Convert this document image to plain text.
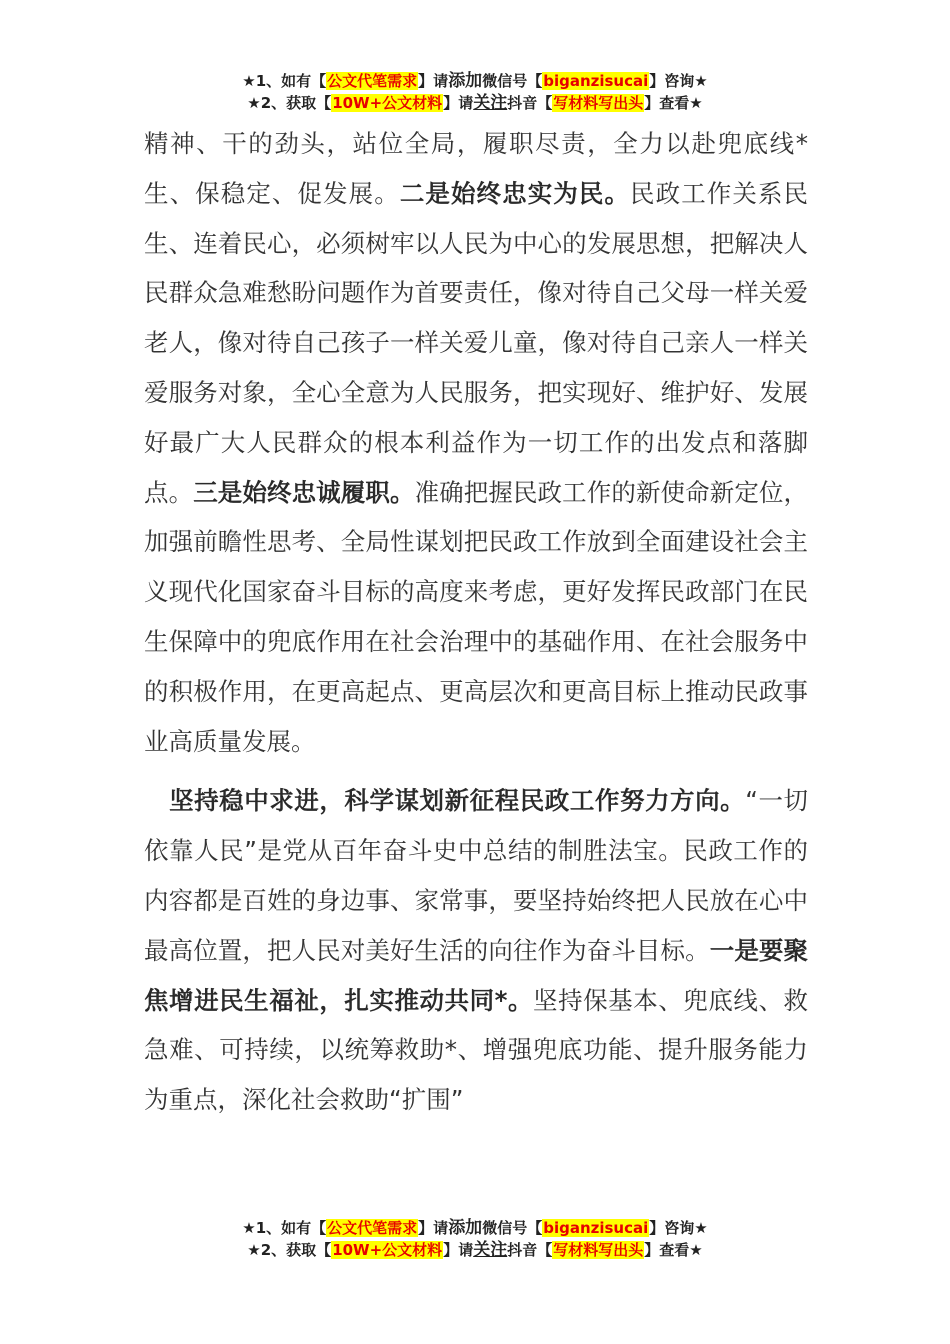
★1、如有【公文代笔需求】请添加微信号【biganzisucai】咨询★
★2、获取【10W+公文材料】请关注抖音【写材料写出头】查看★

精神、干的劲头，站位全局，履职尽责，全力以赴兜底线*生、保稳定、促发展。二是始终忠实为民。民政工作关系民生、连着民心，必须树牢以人民为中心的发展思想，把解决人民群众急难愁盼问题作为首要责任，像对待自己父母一样关爱老人，像对待自己孩子一样关爱儿童，像对待自己亲人一样关爱服务对象，全心全意为人民服务，把实现好、维护好、发展好最广大人民群众的根本利益作为一切工作的出发点和落脚点。三是始终忠诚履职。准确把握民政工作的新使命新定位，加强前瞻性思考、全局性谋划把民政工作放到全面建设社会主义现代化国家奋斗目标的高度来考虑，更好发挥民政部门在民生保障中的兜底作用在社会治理中的基础作用、在社会服务中的积极作用，在更高起点、更高层次和更高目标上推动民政事业高质量发展。

　坚持稳中求进，科学谋划新征程民政工作努力方向。“一切依靠人民”是党从百年奋斗史中总结的制胜法宝。民政工作的内容都是百姓的身边事、家常事，要坚持始终把人民放在心中最高位置，把人民对美好生活的向往作为奋斗目标。一是要聚焦增进民生福祉，扎实推动共同*。坚持保基本、兜底线、救急难、可持续，以统筹救助*、增强兜底功能、提升服务能力为重点，深化社会救助“扩围”

★1、如有【公文代笔需求】请添加微信号【biganzisucai】咨询★
★2、获取【10W+公文材料】请关注抖音【写材料写出头】查看★
